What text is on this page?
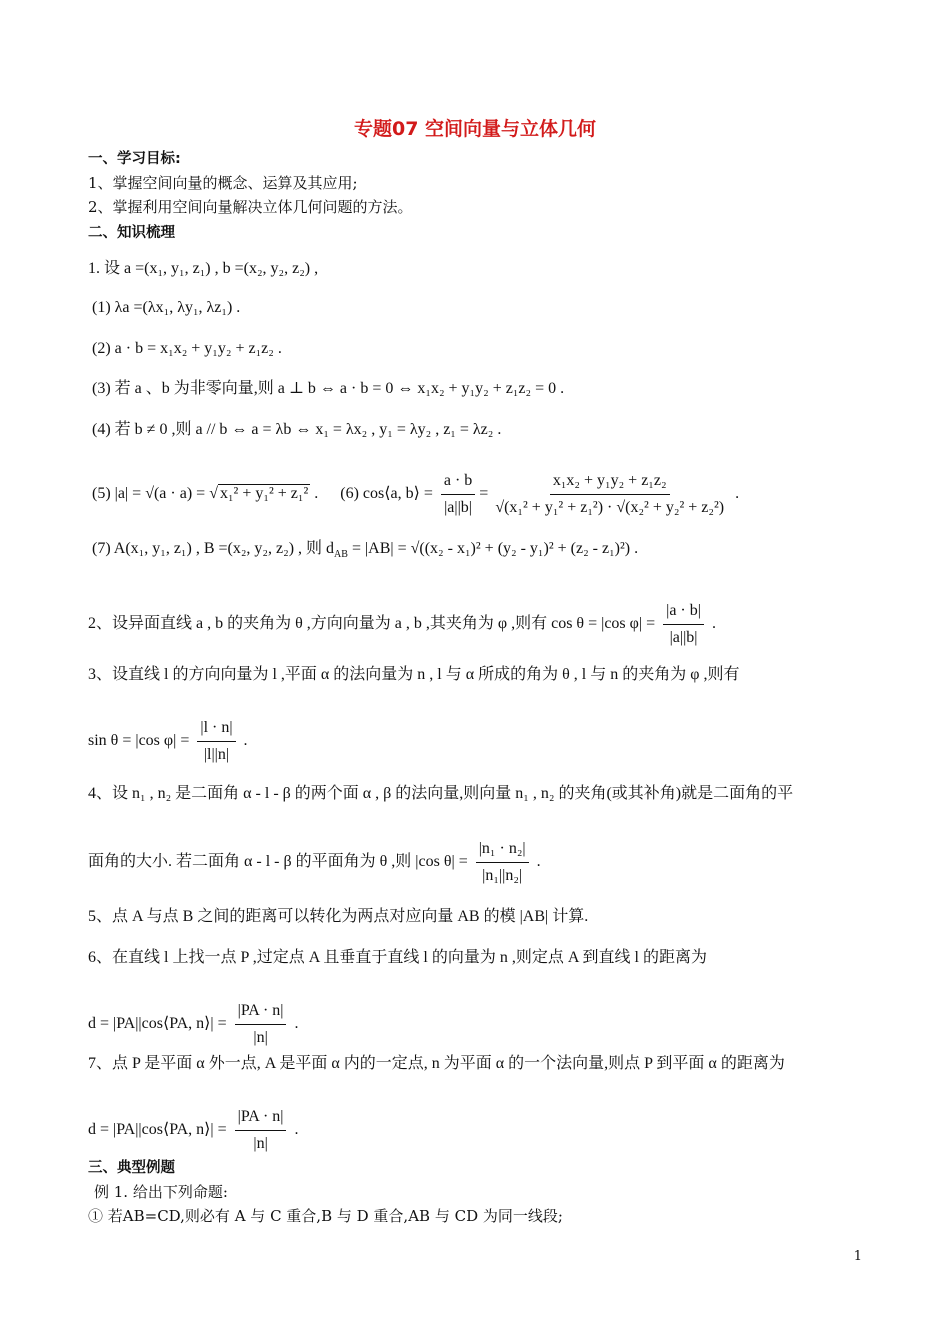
专题07 空间向量与立体几何
一、学习目标:
1、掌握空间向量的概念、运算及其应用;
2、掌握利用空间向量解决立体几何问题的方法。
二、知识梳理
1. 设 a =(x₁, y₁, z₁) , b =(x₂, y₂, z₂) ,
(1) λa =(λx₁, λy₁, λz₁) .
(2) a · b = x₁x₂ + y₁y₂ + z₁z₂ .
(3) 若 a 、b 为非零向量,则 a ⊥ b ⇔ a · b = 0 ⇔ x₁x₂ + y₁y₂ + z₁z₂ = 0 .
(4) 若 b ≠ 0 ,则 a // b ⇔ a = λb ⇔ x₁ = λx₂ , y₁ = λy₂ , z₁ = λz₂ .
(5) |a| = √(a · a) = √ x₁² + y₁² + z₁² . (6) cos⟨a, b⟩ = $\frac{a \cdot b}{|a||b|} = \frac{\text{x₁x₂ + y₁y₂ + z₁z₂}}{\text{√(x₁² + y₁² + z₁²) · √(x₂² + y₂² + z₂²)}}$ .
(7) A(x₁, y₁, z₁) , B =(x₂, y₂, z₂) , 则 $d_{AB} = |AB| = √((x_2 - x_1)^2 + (y_2 - y_1)^2 + (z_2 - z_1)^2)$ .
2、设异面直线 a , b 的夹角为 θ ,方向向量为 a , b ,其夹角为 φ ,则有 cos θ = |cos $\varphi| = \frac{|a \cdot b|}{|a||b|}$ .
3、设直线 l 的方向向量为 l ,平面 α 的法向量为 n , l 与 α 所成的角为 θ , l 与 n 的夹角为 φ ,则有
sin θ = |cos $\varphi| = \frac{|l \cdot n|}{|l||n|}$ .
4、设 n₁ , n₂ 是二面角 α - l - β 的两个面 α , β 的法向量,则向量 n₁ , n₂ 的夹角(或其补角)就是二面角的平
面角的大小. 若二面角 α - l - β 的平面角为 θ ,则 |cos $\theta| = \frac{\text{|n₁ · n₂|}}{\text{|n₁||n₂|}}$ .
5、点 A 与点 B 之间的距离可以转化为两点对应向量 AB 的模 |AB| 计算.
6、在直线 l 上找一点 P ,过定点 A 且垂直于直线 l 的向量为 n ,则定点 A 到直线 l 的距离为
d = |PA||cos⟨PA, n⟩| = $\frac{|PA \cdot n|}{|n|}$ .
7、点 P 是平面 α 外一点, A 是平面 α 内的一定点, n 为平面 α 的一个法向量,则点 P 到平面 α 的距离为
d = |PA||cos⟨PA, n⟩| = $\frac{|PA \cdot n|}{|n|}$ .
三、典型例题
例 1. 给出下列命题:
① 若AB=CD,则必有 A 与 C 重合,B 与 D 重合,AB 与 CD 为同一线段;
1
